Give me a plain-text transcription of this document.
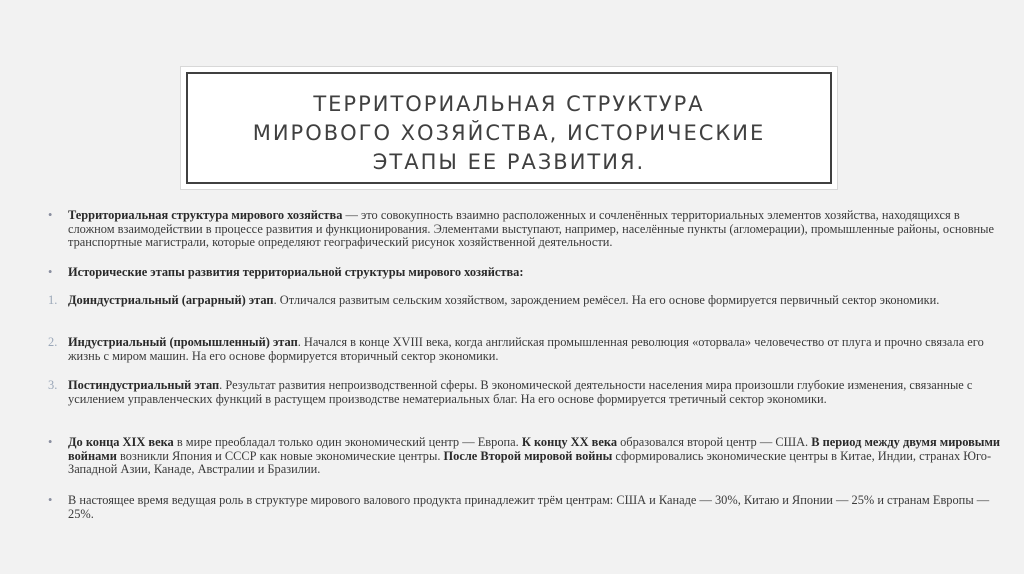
ТЕРРИТОРИАЛЬНАЯ СТРУКТУРА
МИРОВОГО ХОЗЯЙСТВА, ИСТОРИЧЕСКИЕ
ЭТАПЫ ЕЕ РАЗВИТИЯ.
• Территориальная структура мирового хозяйства — это совокупность взаимно расположенных и сочленённых территориальных элементов хозяйства, находящихся в сложном взаимодействии в процессе развития и функционирования. Элементами выступают, например, населённые пункты (агломерации), промышленные районы, основные транспортные магистрали, которые определяют географический рисунок хозяйственной деятельности.
• Исторические этапы развития территориальной структуры мирового хозяйства:
1. Доиндустриальный (аграрный) этап. Отличался развитым сельским хозяйством, зарождением ремёсел. На его основе формируется первичный сектор экономики.
2. Индустриальный (промышленный) этап. Начался в конце XVIII века, когда английская промышленная революция «оторвала» человечество от плуга и прочно связала его жизнь с миром машин. На его основе формируется вторичный сектор экономики.
3. Постиндустриальный этап. Результат развития непроизводственной сферы. В экономической деятельности населения мира произошли глубокие изменения, связанные с усилением управленческих функций в растущем производстве нематериальных благ. На его основе формируется третичный сектор экономики.
• До конца XIX века в мире преобладал только один экономический центр — Европа. К концу XX века образовался второй центр — США. В период между двумя мировыми войнами возникли Япония и СССР как новые экономические центры. После Второй мировой войны сформировались экономические центры в Китае, Индии, странах Юго-Западной Азии, Канаде, Австралии и Бразилии.
• В настоящее время ведущая роль в структуре мирового валового продукта принадлежит трём центрам: США и Канаде — 30%, Китаю и Японии — 25% и странам Европы — 25%.
